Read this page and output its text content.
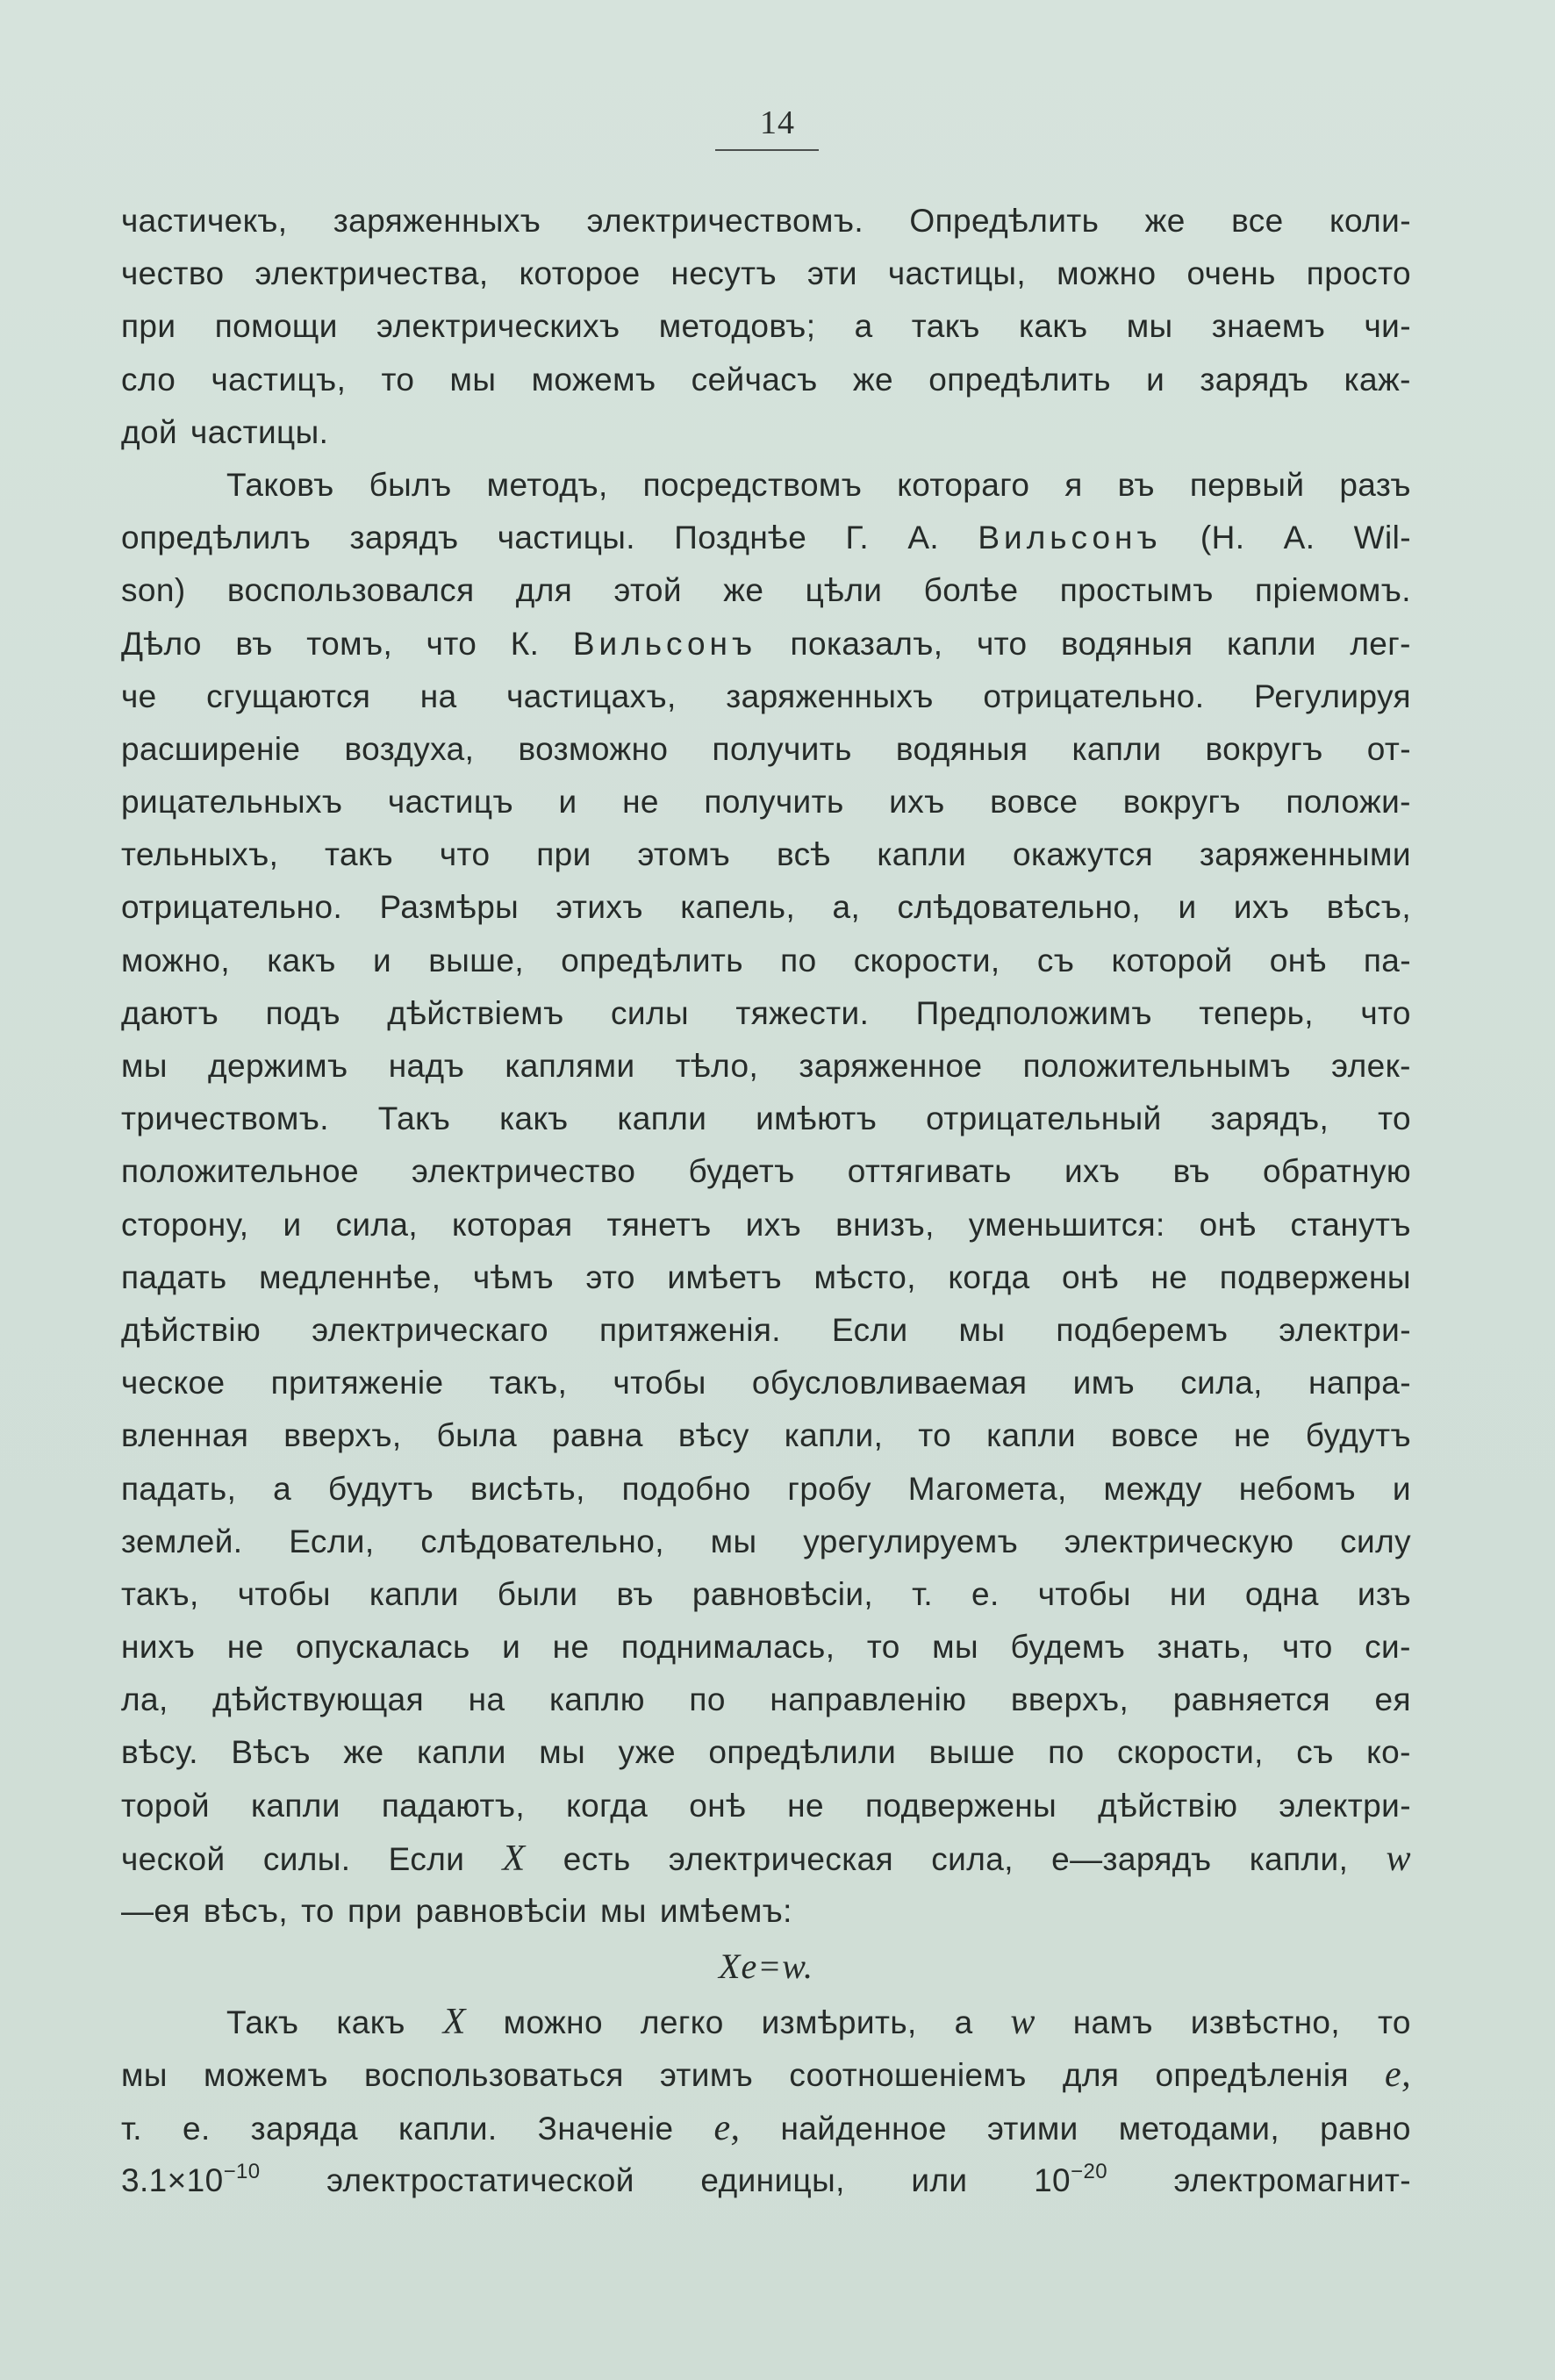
14
частичекъ, заряженныхъ электричествомъ. Опредѣлить же все коли-
чество электричества, которое несутъ эти частицы, можно очень просто
при помощи электрическихъ методовъ; а такъ какъ мы знаемъ чи-
сло частицъ, то мы можемъ сейчасъ же опредѣлить и зарядъ каж-
дой частицы.
Таковъ былъ методъ, посредствомъ котораго я въ первый разъ
опредѣлилъ зарядъ частицы. Позднѣе Г. А. Вильсонъ (Н. А. Wil-
son) воспользовался для этой же цѣли болѣе простымъ пріемомъ.
Дѣло въ томъ, что К. Вильсонъ показалъ, что водяныя капли лег-
че сгущаются на частицахъ, заряженныхъ отрицательно. Регулируя
расширеніе воздуха, возможно получить водяныя капли вокругъ от-
рицательныхъ частицъ и не получить ихъ вовсе вокругъ положи-
тельныхъ, такъ что при этомъ всѣ капли окажутся заряженными
отрицательно. Размѣры этихъ капель, а, слѣдовательно, и ихъ вѣсъ,
можно, какъ и выше, опредѣлить по скорости, съ которой онѣ па-
даютъ подъ дѣйствіемъ силы тяжести. Предположимъ теперь, что
мы держимъ надъ каплями тѣло, заряженное положительнымъ элек-
тричествомъ. Такъ какъ капли имѣютъ отрицательный зарядъ, то
положительное электричество будетъ оттягивать ихъ въ обратную
сторону, и сила, которая тянетъ ихъ внизъ, уменьшится: онѣ станутъ
падать медленнѣе, чѣмъ это имѣетъ мѣсто, когда онѣ не подвержены
дѣйствію электрическаго притяженія. Если мы подберемъ электри-
ческое притяженіе такъ, чтобы обусловливаемая имъ сила, напра-
вленная вверхъ, была равна вѣсу капли, то капли вовсе не будутъ
падать, а будутъ висѣть, подобно гробу Магомета, между небомъ и
землей. Если, слѣдовательно, мы урегулируемъ электрическую силу
такъ, чтобы капли были въ равновѣсіи, т. е. чтобы ни одна изъ
нихъ не опускалась и не поднималась, то мы будемъ знать, что си-
ла, дѣйствующая на каплю по направленію вверхъ, равняется ея
вѣсу. Вѣсъ же капли мы уже опредѣлили выше по скорости, съ ко-
торой капли падаютъ, когда онѣ не подвержены дѣйствію электри-
ческой силы. Если X есть электрическая сила, e—зарядъ капли, w
—ея вѣсъ, то при равновѣсіи мы имѣемъ:
Xe=w.
Такъ какъ X можно легко измѣрить, а w намъ извѣстно, то
мы можемъ воспользоваться этимъ соотношеніемъ для опредѣленія e,
т. е. заряда капли. Значеніе e, найденное этими методами, равно
$3.1\times 10^{-10}$ электростатической единицы, или $10^{-20}$ электромагнит-
